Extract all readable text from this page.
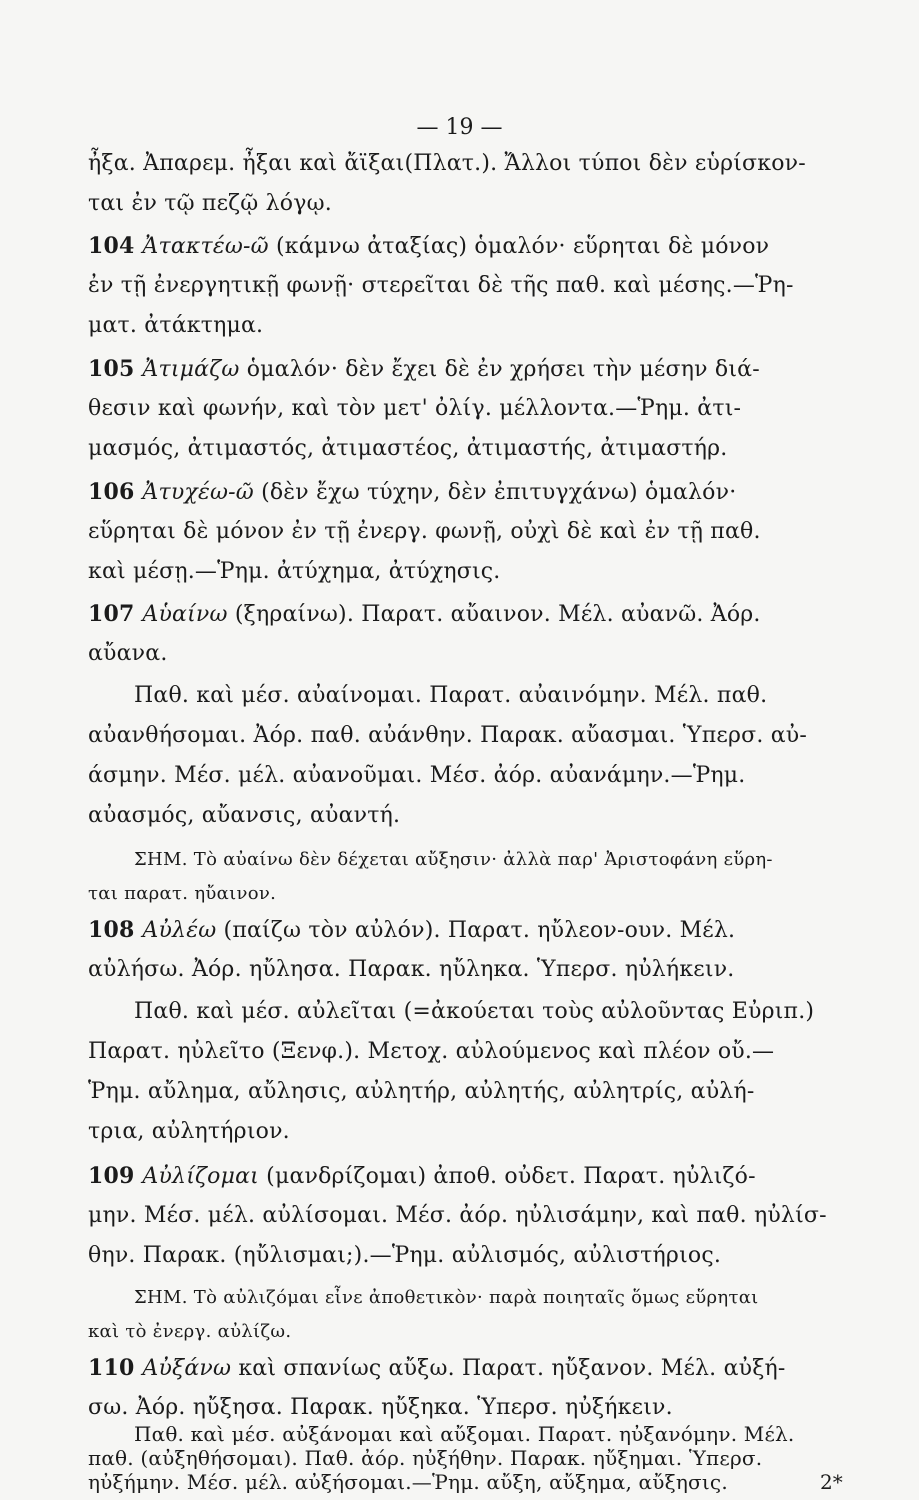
— 19 —
ἦξα. Ἀπαρεμ. ἦξαι καὶ ἄϊξαι(Πλατ.). Ἄλλοι τύποι δὲν εὑρίσκον-
ται ἐν τῷ πεζῷ λόγῳ.
104 Ἀτακτέω-ῶ (κάμνω ἀταξίας) ὁμαλόν· εὕρηται δὲ μόνον
ἐν τῇ ἐνεργητικῇ φωνῇ· στερεῖται δὲ τῆς παθ. καὶ μέσης.—Ῥη-
ματ. ἀτάκτημα.
105 Ἀτιμάζω ὁμαλόν· δὲν ἔχει δὲ ἐν χρήσει τὴν μέσην διά-
θεσιν καὶ φωνήν, καὶ τὸν μετ' ὀλίγ. μέλλοντα.—Ῥημ. ἀτι-
μασμός, ἀτιμαστός, ἀτιμαστέος, ἀτιμαστής, ἀτιμαστήρ.
106 Ἀτυχέω-ῶ (δὲν ἔχω τύχην, δὲν ἐπιτυγχάνω) ὁμαλόν·
εὕρηται δὲ μόνον ἐν τῇ ἐνεργ. φωνῇ, οὐχὶ δὲ καὶ ἐν τῇ παθ.
καὶ μέσῃ.—Ῥημ. ἀτύχημα, ἀτύχησις.
107 Αὑαίνω (ξηραίνω). Παρατ. αὔαινον. Μέλ. αὐανῶ. Ἀόρ.
αὔανα.
Παθ. καὶ μέσ. αὐαίνομαι. Παρατ. αὐαινόμην. Μέλ. παθ.
αὐανθήσομαι. Ἀόρ. παθ. αὐάνθην. Παρακ. αὔασμαι. Ὑπερσ. αὐ-
άσμην. Μέσ. μέλ. αὐανοῦμαι. Μέσ. ἀόρ. αὐανάμην.—Ῥημ.
αὐασμός, αὔανσις, αὐαντή.
ΣΗΜ. Τὸ αὐαίνω δὲν δέχεται αὔξησιν· ἀλλὰ παρ' Ἀριστοφάνη εὕρη-
ται παρατ. ηὔαινον.
108 Αὐλέω (παίζω τὸν αὐλόν). Παρατ. ηὔλεον-ουν. Μέλ.
αὐλήσω. Ἀόρ. ηὔλησα. Παρακ. ηὔληκα. Ὑπερσ. ηὐλήκειν.
Παθ. καὶ μέσ. αὐλεῖται (=ἀκούεται τοὺς αὐλοῦντας Εὐριπ.)
Παρατ. ηὐλεῖτο (Ξενφ.). Μετοχ. αὐλούμενος καὶ πλέον οὔ.—
Ῥημ. αὔλημα, αὔλησις, αὐλητήρ, αὐλητής, αὐλητρίς, αὐλή-
τρια, αὐλητήριον.
109 Αὐλίζομαι (μανδρίζομαι) ἀποθ. οὐδετ. Παρατ. ηὐλιζό-
μην. Μέσ. μέλ. αὐλίσομαι. Μέσ. ἀόρ. ηὐλισάμην, καὶ παθ. ηὐλίσ-
θην. Παρακ. (ηὔλισμαι;).—Ῥημ. αὐλισμός, αὐλιστήριος.
ΣΗΜ. Τὸ αὐλιζόμαι εἶνε ἀποθετικὸν· παρὰ ποιηταῖς ὅμως εὕρηται
καὶ τὸ ἐνεργ. αὐλίζω.
110 Αὐξάνω καὶ σπανίως αὔξω. Παρατ. ηὔξανον. Μέλ. αὐξή-
σω. Ἀόρ. ηὔξησα. Παρακ. ηὔξηκα. Ὑπερσ. ηὐξήκειν.
Παθ. καὶ μέσ. αὐξάνομαι καὶ αὔξομαι. Παρατ. ηὐξανόμην. Μέλ.
παθ. (αὐξηθήσομαι). Παθ. ἀόρ. ηὐξήθην. Παρακ. ηὔξημαι. Ὑπερσ.
ηὐξήμην. Μέσ. μέλ. αὐξήσομαι.—Ῥημ. αὔξη, αὔξημα, αὔξησις.	2*
